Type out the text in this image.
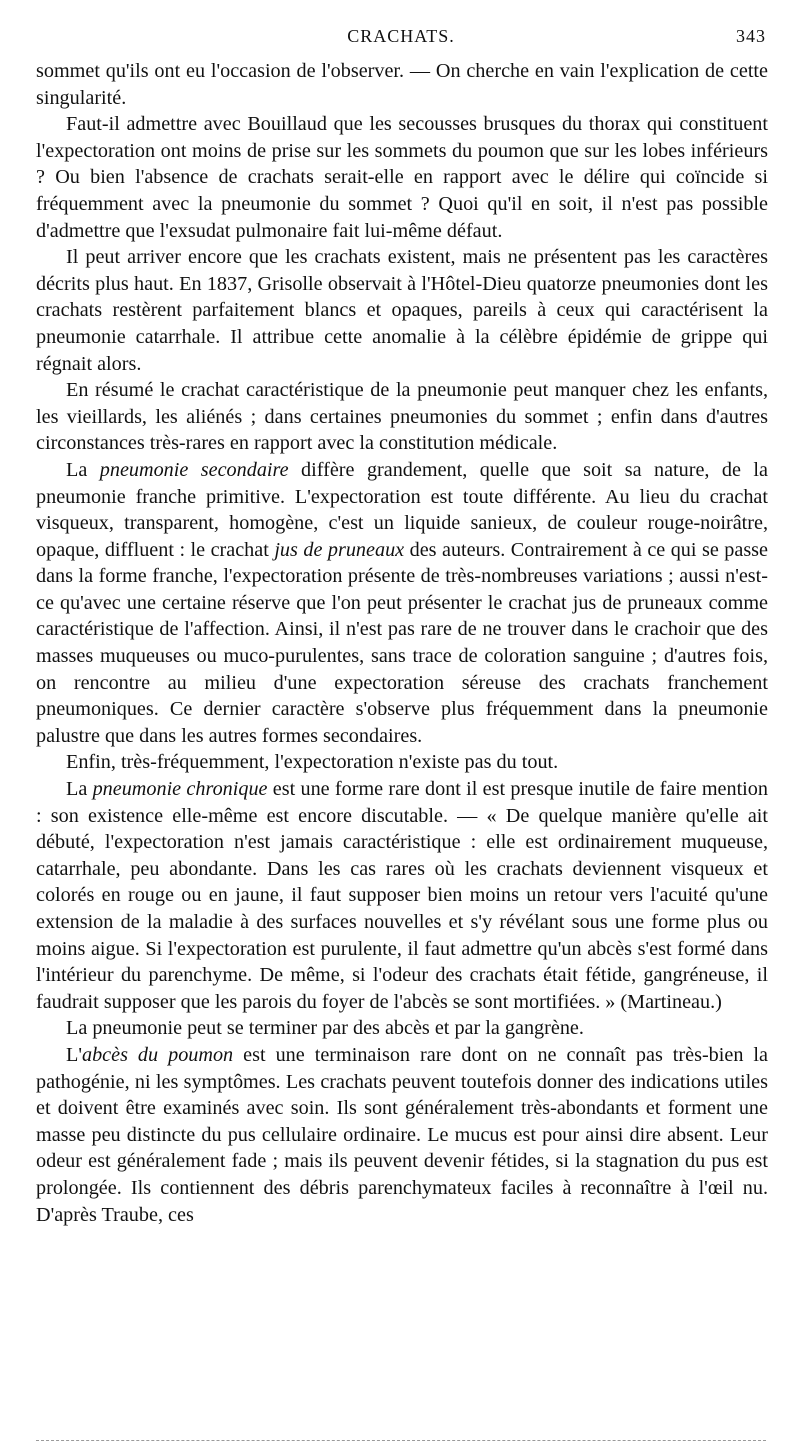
CRACHATS.	343

sommet qu'ils ont eu l'occasion de l'observer. — On cherche en vain l'explication de cette singularité.

Faut-il admettre avec Bouillaud que les secousses brusques du thorax qui constituent l'expectoration ont moins de prise sur les sommets du poumon que sur les lobes inférieurs ? Ou bien l'absence de crachats serait-elle en rapport avec le délire qui coïncide si fréquemment avec la pneumonie du sommet ? Quoi qu'il en soit, il n'est pas possible d'admettre que l'exsudat pulmonaire fait lui-même défaut.

Il peut arriver encore que les crachats existent, mais ne présentent pas les caractères décrits plus haut. En 1837, Grisolle observait à l'Hôtel-Dieu quatorze pneumonies dont les crachats restèrent parfaitement blancs et opaques, pareils à ceux qui caractérisent la pneumonie catarrhale. Il attribue cette anomalie à la célèbre épidémie de grippe qui régnait alors.

En résumé le crachat caractéristique de la pneumonie peut manquer chez les enfants, les vieillards, les aliénés ; dans certaines pneumonies du sommet ; enfin dans d'autres circonstances très-rares en rapport avec la constitution médicale.

La pneumonie secondaire diffère grandement, quelle que soit sa nature, de la pneumonie franche primitive. L'expectoration est toute différente. Au lieu du crachat visqueux, transparent, homogène, c'est un liquide sanieux, de couleur rouge-noirâtre, opaque, diffluent : le crachat jus de pruneaux des auteurs. Contrairement à ce qui se passe dans la forme franche, l'expectoration présente de très-nombreuses variations ; aussi n'est-ce qu'avec une certaine réserve que l'on peut présenter le crachat jus de pruneaux comme caractéristique de l'affection. Ainsi, il n'est pas rare de ne trouver dans le crachoir que des masses muqueuses ou muco-purulentes, sans trace de coloration sanguine ; d'autres fois, on rencontre au milieu d'une expectoration séreuse des crachats franchement pneumoniques. Ce dernier caractère s'observe plus fréquemment dans la pneumonie palustre que dans les autres formes secondaires.

Enfin, très-fréquemment, l'expectoration n'existe pas du tout.

La pneumonie chronique est une forme rare dont il est presque inutile de faire mention : son existence elle-même est encore discutable. — « De quelque manière qu'elle ait débuté, l'expectoration n'est jamais caractéristique : elle est ordinairement muqueuse, catarrhale, peu abondante. Dans les cas rares où les crachats deviennent visqueux et colorés en rouge ou en jaune, il faut supposer bien moins un retour vers l'acuité qu'une extension de la maladie à des surfaces nouvelles et s'y révélant sous une forme plus ou moins aigue. Si l'expectoration est purulente, il faut admettre qu'un abcès s'est formé dans l'intérieur du parenchyme. De même, si l'odeur des crachats était fétide, gangréneuse, il faudrait supposer que les parois du foyer de l'abcès se sont mortifiées. » (Martineau.)

La pneumonie peut se terminer par des abcès et par la gangrène.

L'abcès du poumon est une terminaison rare dont on ne connaît pas très-bien la pathogénie, ni les symptômes. Les crachats peuvent toutefois donner des indications utiles et doivent être examinés avec soin. Ils sont généralement très-abondants et forment une masse peu distincte du pus cellulaire ordinaire. Le mucus est pour ainsi dire absent. Leur odeur est généralement fade ; mais ils peuvent devenir fétides, si la stagnation du pus est prolongée. Ils contiennent des débris parenchymateux faciles à reconnaître à l'œil nu. D'après Traube, ces
